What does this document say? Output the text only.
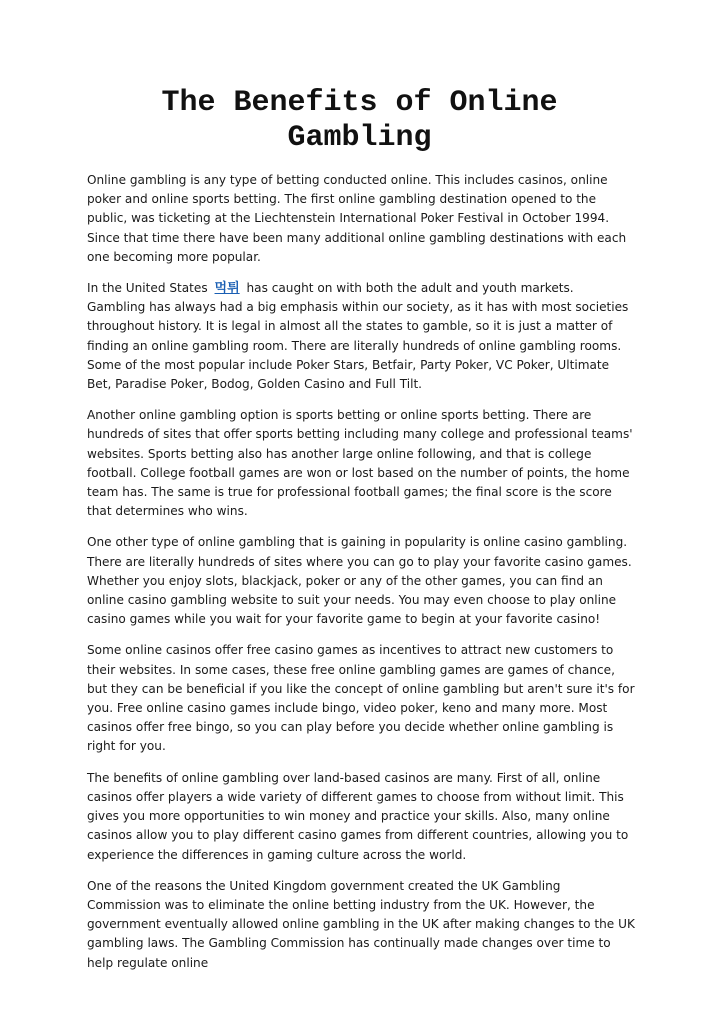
The Benefits of Online
Gambling

Online gambling is any type of betting conducted online. This includes casinos, online poker and online sports betting. The first online gambling destination opened to the public, was ticketing at the Liechtenstein International Poker Festival in October 1994. Since that time there have been many additional online gambling destinations with each one becoming more popular.

In the United States 먹튀 has caught on with both the adult and youth markets. Gambling has always had a big emphasis within our society, as it has with most societies throughout history. It is legal in almost all the states to gamble, so it is just a matter of finding an online gambling room. There are literally hundreds of online gambling rooms. Some of the most popular include Poker Stars, Betfair, Party Poker, VC Poker, Ultimate Bet, Paradise Poker, Bodog, Golden Casino and Full Tilt.

Another online gambling option is sports betting or online sports betting. There are hundreds of sites that offer sports betting including many college and professional teams' websites. Sports betting also has another large online following, and that is college football. College football games are won or lost based on the number of points, the home team has. The same is true for professional football games; the final score is the score that determines who wins.

One other type of online gambling that is gaining in popularity is online casino gambling. There are literally hundreds of sites where you can go to play your favorite casino games. Whether you enjoy slots, blackjack, poker or any of the other games, you can find an online casino gambling website to suit your needs. You may even choose to play online casino games while you wait for your favorite game to begin at your favorite casino!

Some online casinos offer free casino games as incentives to attract new customers to their websites. In some cases, these free online gambling games are games of chance, but they can be beneficial if you like the concept of online gambling but aren't sure it's for you. Free online casino games include bingo, video poker, keno and many more. Most casinos offer free bingo, so you can play before you decide whether online gambling is right for you.

The benefits of online gambling over land-based casinos are many. First of all, online casinos offer players a wide variety of different games to choose from without limit. This gives you more opportunities to win money and practice your skills. Also, many online casinos allow you to play different casino games from different countries, allowing you to experience the differences in gaming culture across the world.

One of the reasons the United Kingdom government created the UK Gambling Commission was to eliminate the online betting industry from the UK. However, the government eventually allowed online gambling in the UK after making changes to the UK gambling laws. The Gambling Commission has continually made changes over time to help regulate online
